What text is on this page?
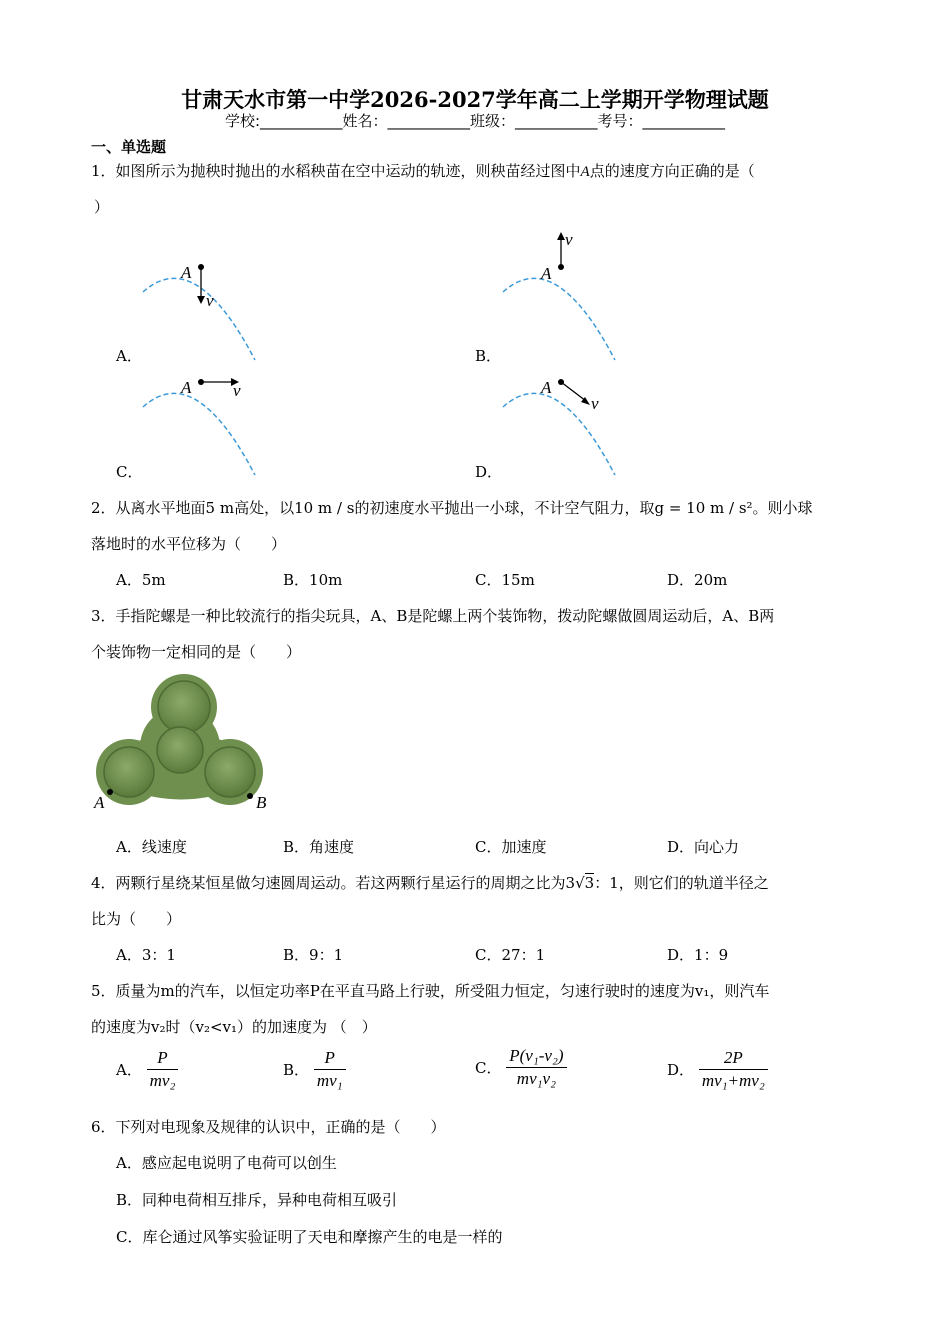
甘肃天水市第一中学2026-2027学年高二上学期开学物理试题
学校:___________姓名：___________班级：___________考号：___________
一、单选题
1．如图所示为抛秧时抛出的水稻秧苗在空中运动的轨迹，则秧苗经过图中A点的速度方向正确的是（
）
A
v
A．
A
v
B．
A v
C．
A
v
D．
2．从离水平地面5 m高处，以10 m / s的初速度水平抛出一小球，不计空气阻力，取g = 10 m / s²。则小球
落地时的水平位移为（　　）
A．5m	B．10m	C．15m	D．20m
3．手指陀螺是一种比较流行的指尖玩具，A、B是陀螺上两个装饰物，拨动陀螺做圆周运动后，A、B两
个装饰物一定相同的是（　　）
A	B
A．线速度	B．角速度	C．加速度	D．向心力
4．两颗行星绕某恒星做匀速圆周运动。若这两颗行星运行的周期之比为3√3：1，则它们的轨道半径之
比为（　　）
A．3：1	B．9：1	C．27：1	D．1：9
5．质量为m的汽车，以恒定功率P在平直马路上行驶，所受阻力恒定，匀速行驶时的速度为v₁，则汽车
的速度为v₂时（v₂<v₁）的加速度为 （　）
A． $\frac{P}{\text{mv₂}}$	B． $\frac{P}{\text{mv₁}}$	C． $\frac{\text{P(v₁-v₂)}}{\text{mv₁v₂}}$	D． $\frac{2P}{\text{mv₁+mv₂}}$
6．下列对电现象及规律的认识中，正确的是（　　）
A．感应起电说明了电荷可以创生
B．同种电荷相互排斥，异种电荷相互吸引
C．库仑通过风筝实验证明了天电和摩擦产生的电是一样的
